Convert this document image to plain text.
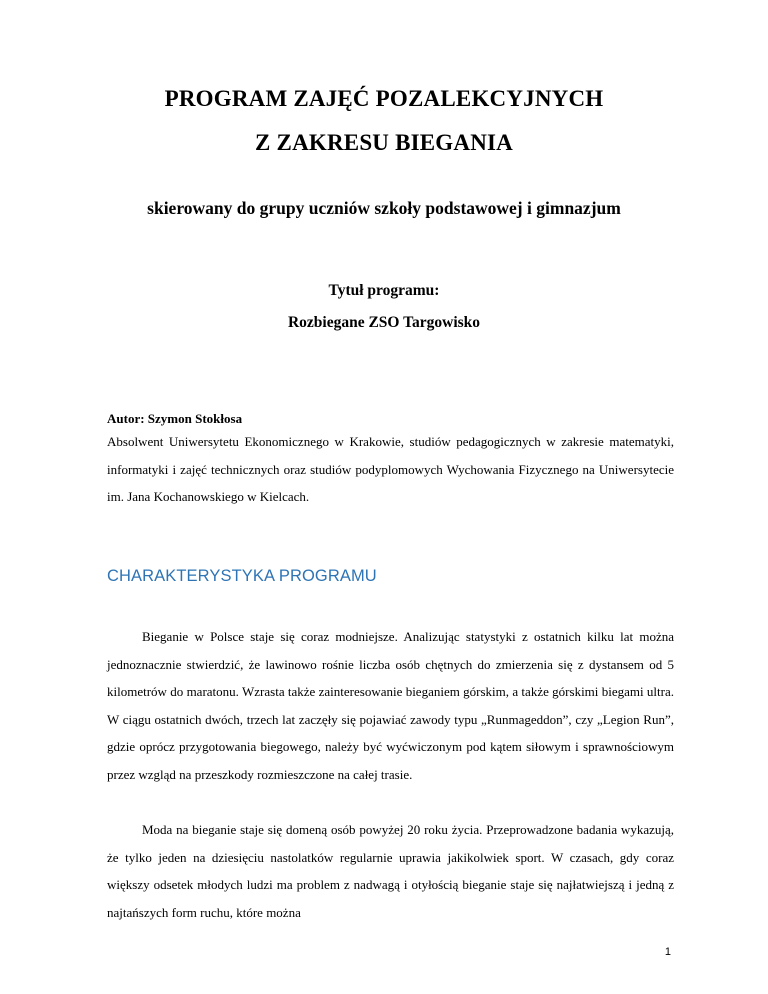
PROGRAM ZAJĘĆ POZALEKCYJNYCH
Z ZAKRESU BIEGANIA
skierowany do grupy uczniów szkoły podstawowej i gimnazjum
Tytuł programu:
Rozbiegane ZSO Targowisko
Autor: Szymon Stokłosa
Absolwent Uniwersytetu Ekonomicznego w Krakowie, studiów pedagogicznych w zakresie matematyki, informatyki i zajęć technicznych oraz studiów podyplomowych Wychowania Fizycznego na Uniwersytecie im. Jana Kochanowskiego w Kielcach.
CHARAKTERYSTYKA PROGRAMU
Bieganie w Polsce staje się coraz modniejsze. Analizując statystyki z ostatnich kilku lat można jednoznacznie stwierdzić, że lawinowo rośnie liczba osób chętnych do zmierzenia się z dystansem od 5 kilometrów do maratonu. Wzrasta także zainteresowanie bieganiem górskim, a także górskimi biegami ultra. W ciągu ostatnich dwóch, trzech lat zaczęły się pojawiać zawody typu „Runmageddon”, czy „Legion Run”, gdzie oprócz przygotowania biegowego, należy być wyćwiczonym pod kątem siłowym i sprawnościowym przez wzgląd na przeszkody rozmieszczone na całej trasie.
Moda na bieganie staje się domeną osób powyżej 20 roku życia. Przeprowadzone badania wykazują, że tylko jeden na dziesięciu nastolatków regularnie uprawia jakikolwiek sport. W czasach, gdy coraz większy odsetek młodych ludzi ma problem z nadwagą i otyłością bieganie staje się najłatwiejszą i jedną z najtańszych form ruchu, które można
1
